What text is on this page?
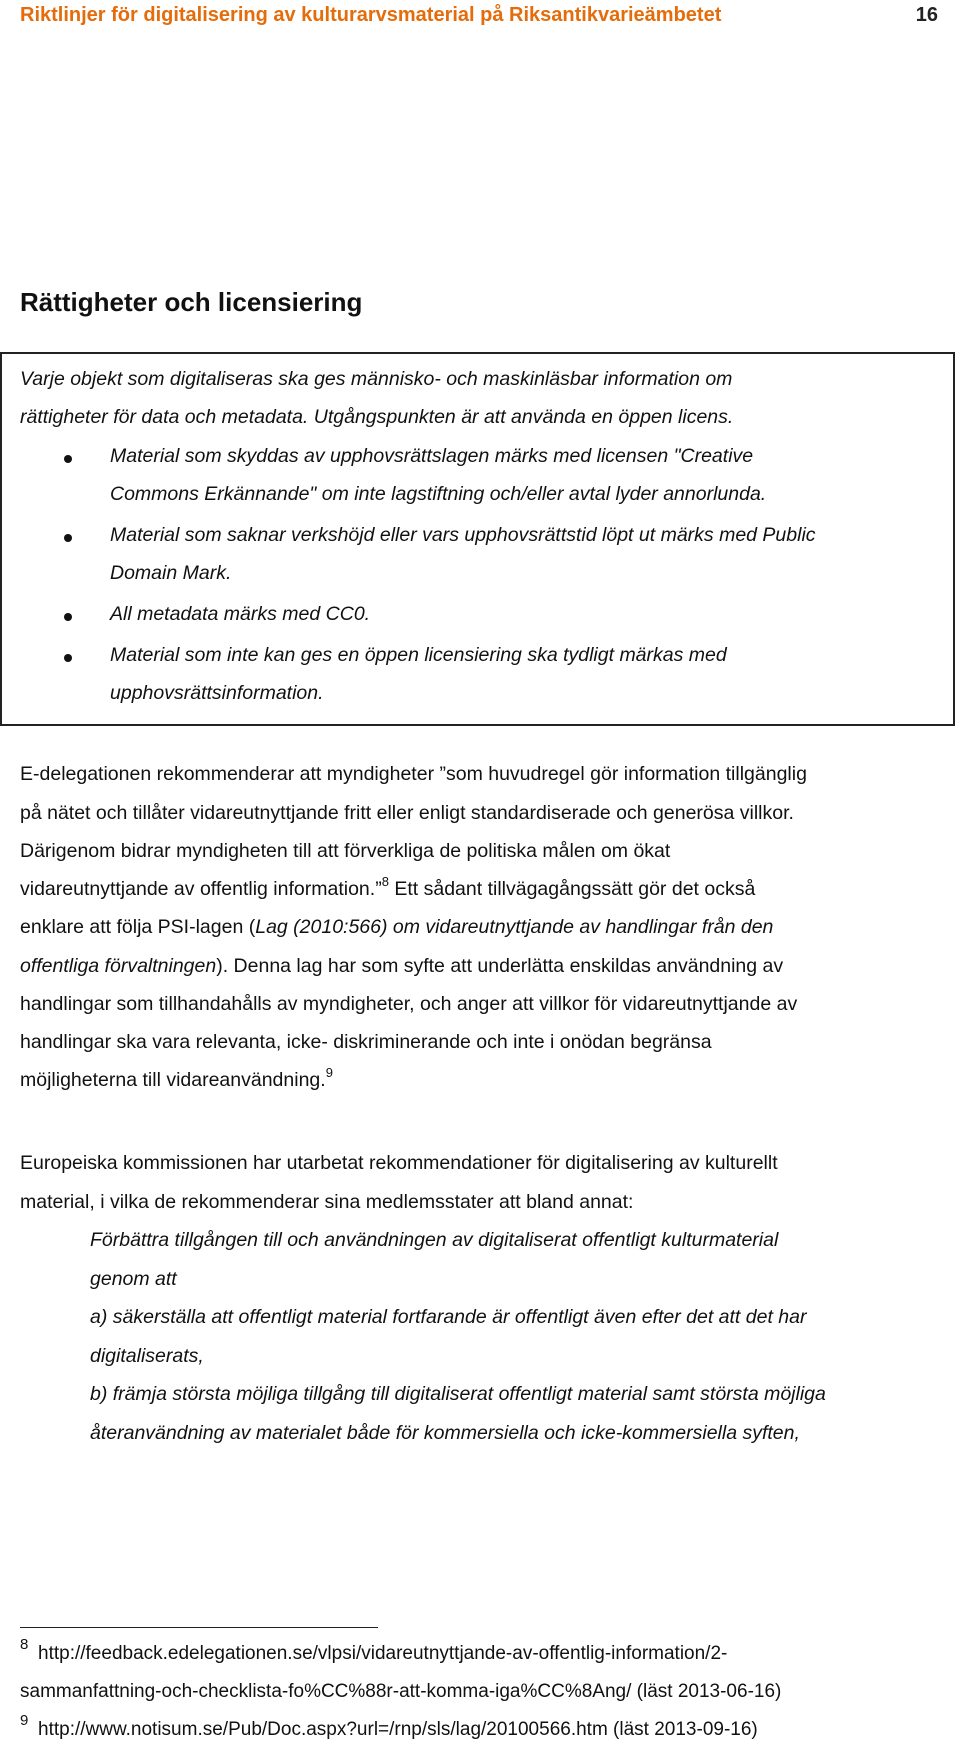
Riktlinjer för digitalisering av kulturarvsmaterial på Riksantikvarieämbetet	16
Rättigheter och licensiering
Varje objekt som digitaliseras ska ges människo- och maskinläsbar information om
rättigheter för data och metadata. Utgångspunkten är att använda en öppen licens.
Material som skyddas av upphovsrättslagen märks med licensen "Creative
Commons Erkännande" om inte lagstiftning och/eller avtal lyder annorlunda.
Material som saknar verkshöjd eller vars upphovsrättstid löpt ut märks med Public
Domain Mark.
All metadata märks med CC0.
Material som inte kan ges en öppen licensiering ska tydligt märkas med
upphovsrättsinformation.
E-delegationen rekommenderar att myndigheter ”som huvudregel gör information tillgänglig
på nätet och tillåter vidareutnyttjande fritt eller enligt standardiserade och generösa villkor.
Därigenom bidrar myndigheten till att förverkliga de politiska målen om ökat
vidareutnyttjande av offentlig information.”$^8$ Ett sådant tillvägagångssätt gör det också
enklare att följa PSI-lagen (Lag (2010:566) om vidareutnyttjande av handlingar från den
offentliga förvaltningen). Denna lag har som syfte att underlätta enskildas användning av
handlingar som tillhandahålls av myndigheter, och anger att villkor för vidareutnyttjande av
handlingar ska vara relevanta, icke- diskriminerande och inte i onödan begränsa
möjligheterna till vidareanvändning.$^9$
Europeiska kommissionen har utarbetat rekommendationer för digitalisering av kulturellt
material, i vilka de rekommenderar sina medlemsstater att bland annat:
Förbättra tillgången till och användningen av digitaliserat offentligt kulturmaterial
genom att
a) säkerställa att offentligt material fortfarande är offentligt även efter det att det har
digitaliserats,
b) främja största möjliga tillgång till digitaliserat offentligt material samt största möjliga
återanvändning av materialet både för kommersiella och icke-kommersiella syften,
8 http://feedback.edelegationen.se/vlpsi/vidareutnyttjande-av-offentlig-information/2-
sammanfattning-och-checklista-fo%CC%88r-att-komma-iga%CC%8Ang/ (läst 2013-06-16)
9 http://www.notisum.se/Pub/Doc.aspx?url=/rnp/sls/lag/20100566.htm (läst 2013-09-16)
